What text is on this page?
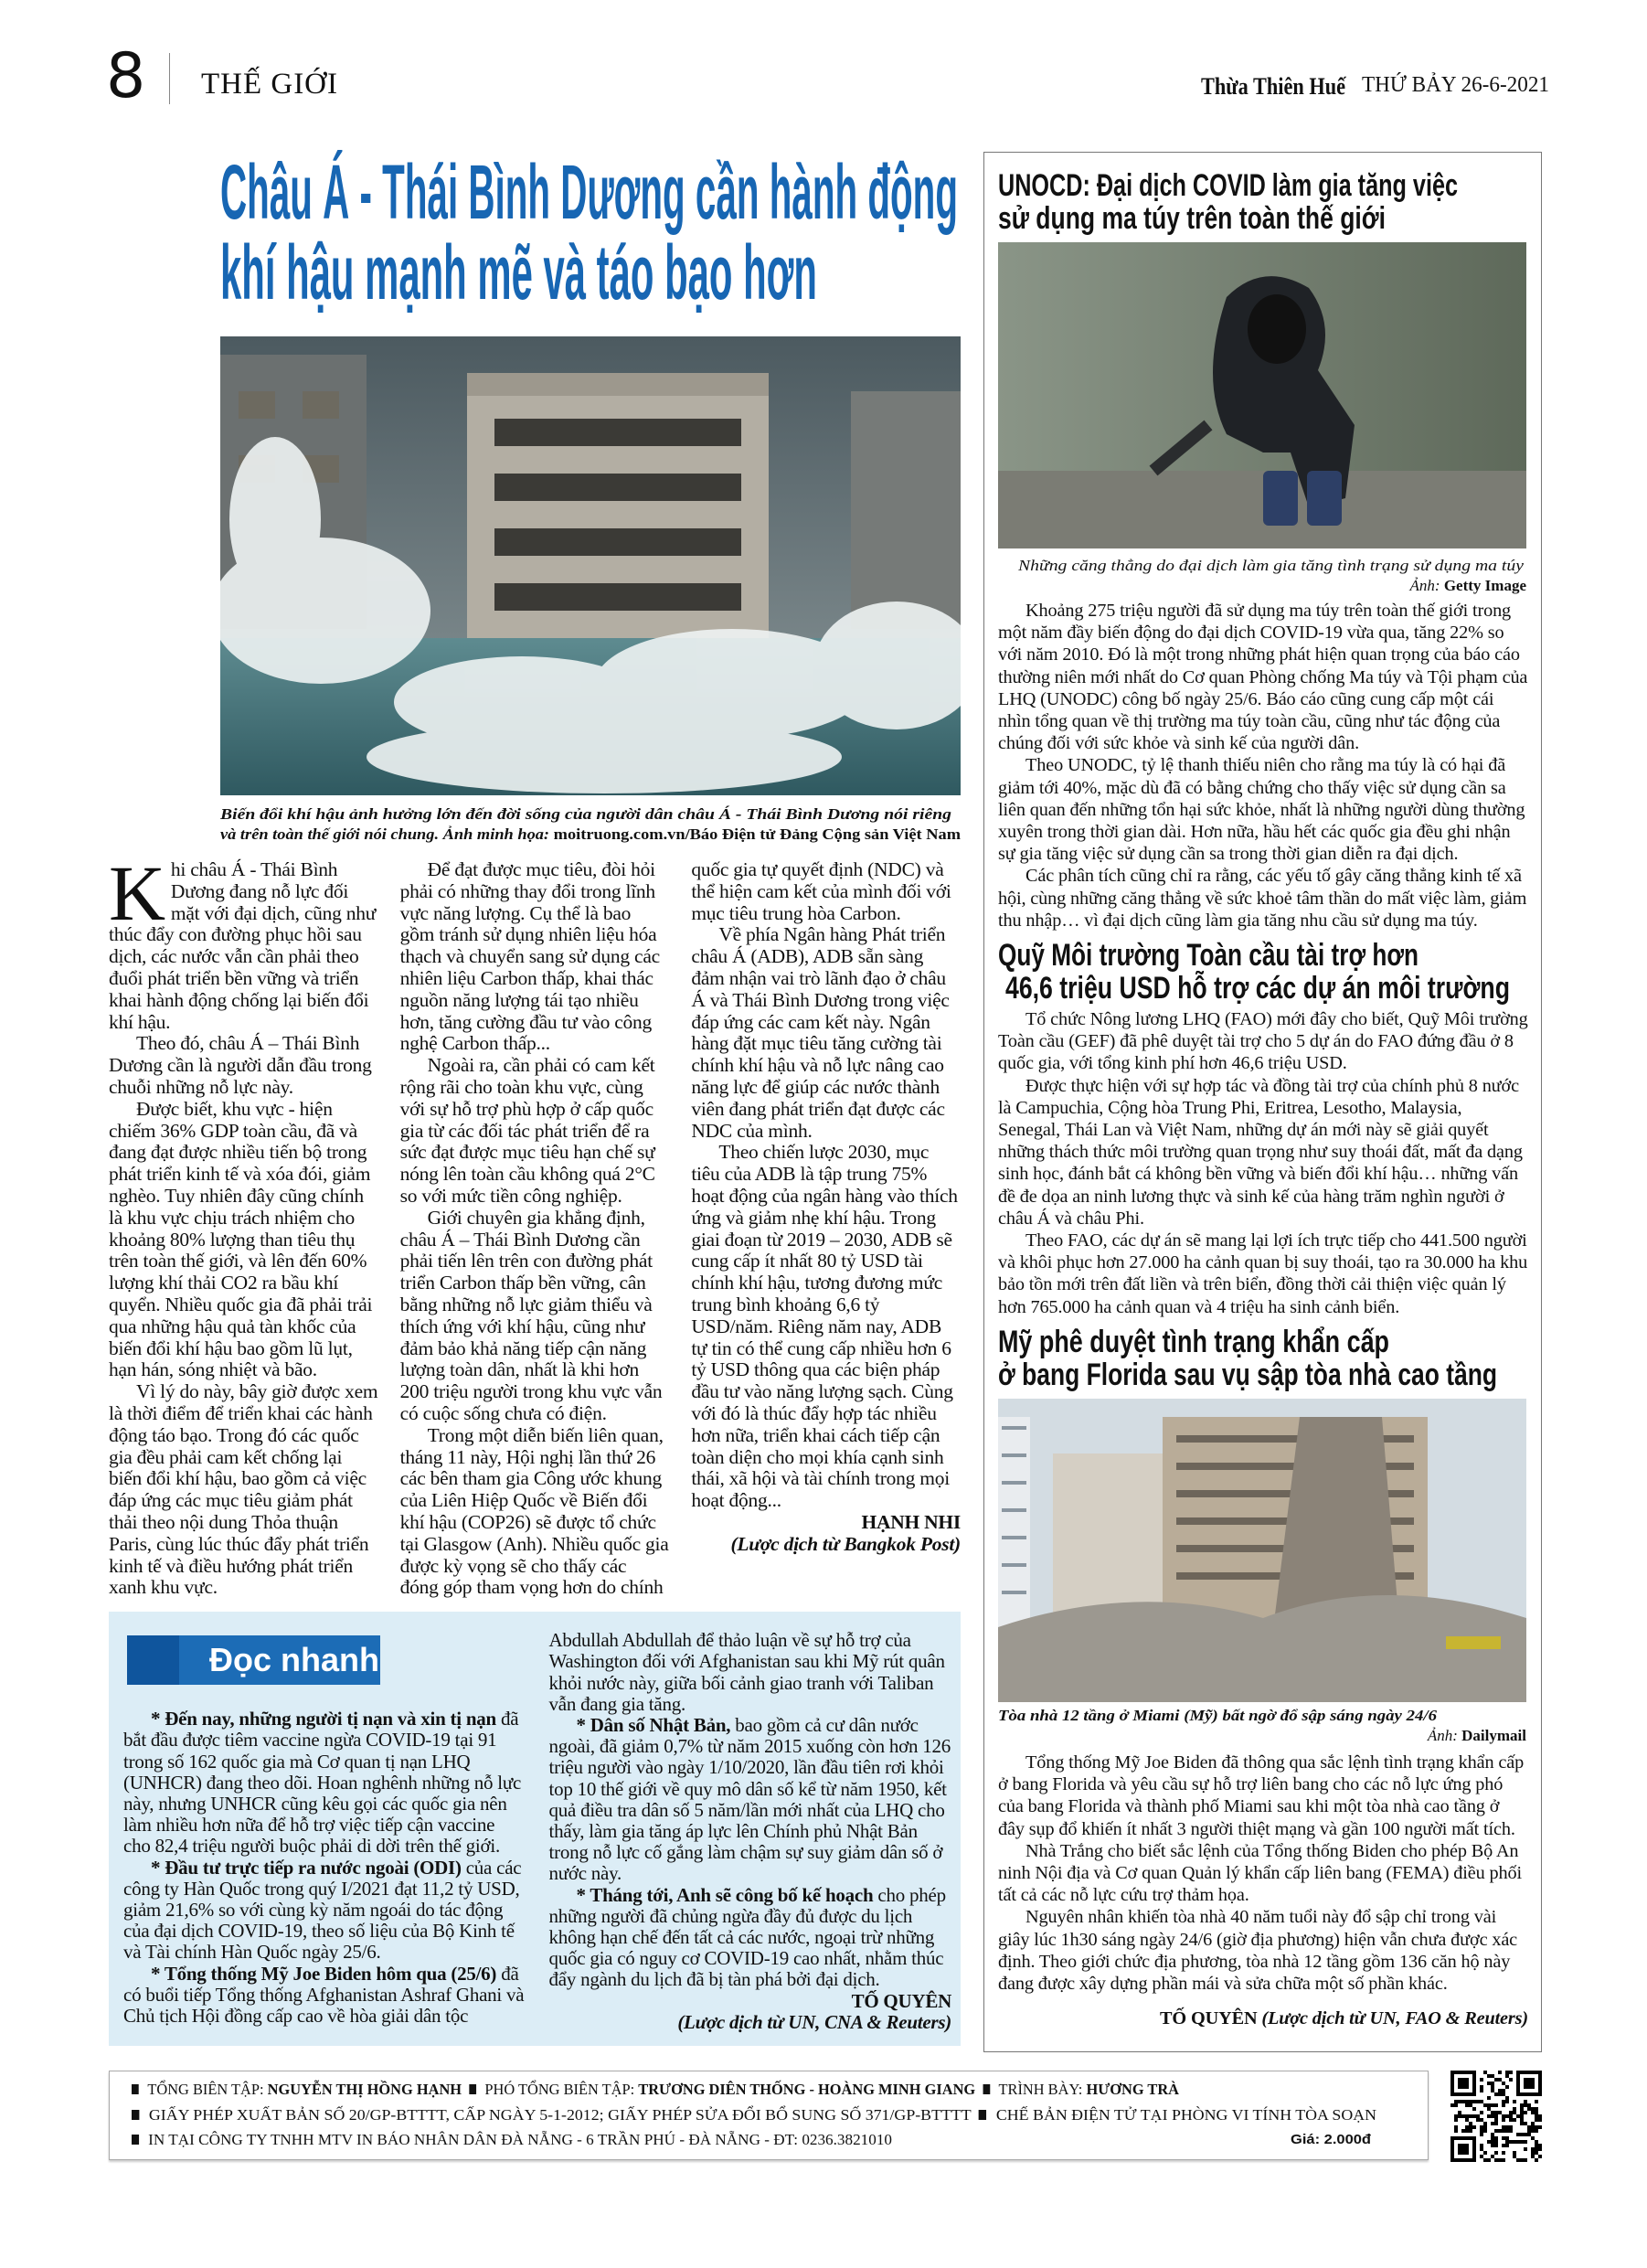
8 THẾ GIỚI	Thừa Thiên Huế THỨ BẢY 26-6-2021
Châu Á - Thái Bình Dương cần hành động
khí hậu mạnh mẽ và táo bạo hơn
Biến đổi khí hậu ảnh hưởng lớn đến đời sống của người dân châu Á - Thái Bình Dương nói riêng
và trên toàn thế giới nói chung. Ảnh minh họa: moitruong.com.vn/Báo Điện tử Đảng Cộng sản Việt Nam

Khi châu Á - Thái Bình Dương đang nỗ lực đối mặt với đại dịch, cũng như thúc đẩy con đường phục hồi sau dịch, các nước vẫn cần phải theo đuổi phát triển bền vững và triển khai hành động chống lại biến đổi khí hậu.

Theo đó, châu Á – Thái Bình Dương cần là người dẫn đầu trong chuỗi những nỗ lực này.

Được biết, khu vực - hiện chiếm 36% GDP toàn cầu, đã và đang đạt được nhiều tiến bộ trong phát triển kinh tế và xóa đói, giảm nghèo. Tuy nhiên đây cũng chính là khu vực chịu trách nhiệm cho khoảng 80% lượng than tiêu thụ trên toàn thế giới, và lên đến 60% lượng khí thải CO2 ra bầu khí quyển. Nhiều quốc gia đã phải trải qua những hậu quả tàn khốc của biến đổi khí hậu bao gồm lũ lụt, hạn hán, sóng nhiệt và bão.

Vì lý do này, bây giờ được xem là thời điểm để triển khai các hành động táo bạo. Trong đó các quốc gia đều phải cam kết chống lại biến đổi khí hậu, bao gồm cả việc đáp ứng các mục tiêu giảm phát thải theo nội dung Thỏa thuận Paris, cùng lúc thúc đẩy phát triển kinh tế và điều hướng phát triển xanh khu vực.

Để đạt được mục tiêu, đòi hỏi phải có những thay đổi trong lĩnh vực năng lượng. Cụ thể là bao gồm tránh sử dụng nhiên liệu hóa thạch và chuyển sang sử dụng các nhiên liệu Carbon thấp, khai thác nguồn năng lượng tái tạo nhiều hơn, tăng cường đầu tư vào công nghệ Carbon thấp...

Ngoài ra, cần phải có cam kết rộng rãi cho toàn khu vực, cùng với sự hỗ trợ phù hợp ở cấp quốc gia từ các đối tác phát triển để ra sức đạt được mục tiêu hạn chế sự nóng lên toàn cầu không quá 2°C so với mức tiền công nghiệp.

Giới chuyên gia khẳng định, châu Á – Thái Bình Dương cần phải tiến lên trên con đường phát triển Carbon thấp bền vững, cân bằng những nỗ lực giảm thiểu và thích ứng với khí hậu, cũng như đảm bảo khả năng tiếp cận năng lượng toàn dân, nhất là khi hơn 200 triệu người trong khu vực vẫn có cuộc sống chưa có điện.

Trong một diễn biến liên quan, tháng 11 này, Hội nghị lần thứ 26 các bên tham gia Công ước khung của Liên Hiệp Quốc về Biến đổi khí hậu (COP26) sẽ được tổ chức tại Glasgow (Anh). Nhiều quốc gia được kỳ vọng sẽ cho thấy các đóng góp tham vọng hơn do chính quốc gia tự quyết định (NDC) và thể hiện cam kết của mình đối với mục tiêu trung hòa Carbon.

Về phía Ngân hàng Phát triển châu Á (ADB), ADB sẵn sàng đảm nhận vai trò lãnh đạo ở châu Á và Thái Bình Dương trong việc đáp ứng các cam kết này. Ngân hàng đặt mục tiêu tăng cường tài chính khí hậu và nỗ lực nâng cao năng lực để giúp các nước thành viên đang phát triển đạt được các NDC của mình.

Theo chiến lược 2030, mục tiêu của ADB là tập trung 75% hoạt động của ngân hàng vào thích ứng và giảm nhẹ khí hậu. Trong giai đoạn từ 2019 – 2030, ADB sẽ cung cấp ít nhất 80 tỷ USD tài chính khí hậu, tương đương mức trung bình khoảng 6,6 tỷ USD/năm. Riêng năm nay, ADB tự tin có thể cung cấp nhiều hơn 6 tỷ USD thông qua các biện pháp đầu tư vào năng lượng sạch. Cùng với đó là thúc đẩy hợp tác nhiều hơn nữa, triển khai cách tiếp cận toàn diện cho mọi khía cạnh sinh thái, xã hội và tài chính trong mọi hoạt động...

HẠNH NHI
(Lược dịch từ Bangkok Post)
Đọc nhanh

* Đến nay, những người tị nạn và xin tị nạn đã bắt đầu được tiêm vaccine ngừa COVID-19 tại 91 trong số 162 quốc gia mà Cơ quan tị nạn LHQ (UNHCR) đang theo dõi. Hoan nghênh những nỗ lực này, nhưng UNHCR cũng kêu gọi các quốc gia nên làm nhiều hơn nữa để hỗ trợ việc tiếp cận vaccine cho 82,4 triệu người buộc phải di dời trên thế giới.

* Đầu tư trực tiếp ra nước ngoài (ODI) của các công ty Hàn Quốc trong quý I/2021 đạt 11,2 tỷ USD, giảm 21,6% so với cùng kỳ năm ngoái do tác động của đại dịch COVID-19, theo số liệu của Bộ Kinh tế và Tài chính Hàn Quốc ngày 25/6.

* Tổng thống Mỹ Joe Biden hôm qua (25/6) đã có buổi tiếp Tổng thống Afghanistan Ashraf Ghani và Chủ tịch Hội đồng cấp cao về hòa giải dân tộc Abdullah Abdullah để thảo luận về sự hỗ trợ của Washington đối với Afghanistan sau khi Mỹ rút quân khỏi nước này, giữa bối cảnh giao tranh với Taliban vẫn đang gia tăng.

* Dân số Nhật Bản, bao gồm cả cư dân nước ngoài, đã giảm 0,7% từ năm 2015 xuống còn hơn 126 triệu người vào ngày 1/10/2020, lần đầu tiên rơi khỏi top 10 thế giới về quy mô dân số kể từ năm 1950, kết quả điều tra dân số 5 năm/lần mới nhất của LHQ cho thấy, làm gia tăng áp lực lên Chính phủ Nhật Bản trong nỗ lực cố gắng làm chậm sự suy giảm dân số ở nước này.

* Tháng tới, Anh sẽ công bố kế hoạch cho phép những người đã chủng ngừa đầy đủ được du lịch không hạn chế đến tất cả các nước, ngoại trừ những quốc gia có nguy cơ COVID-19 cao nhất, nhằm thúc đẩy ngành du lịch đã bị tàn phá bởi đại dịch.

TỐ QUYÊN
(Lược dịch từ UN, CNA & Reuters)
UNOCD: Đại dịch COVID làm gia tăng việc
sử dụng ma túy trên toàn thế giới
Những căng thẳng do đại dịch làm gia tăng tình trạng sử dụng ma túy
Ảnh: Getty Image

Khoảng 275 triệu người đã sử dụng ma túy trên toàn thế giới trong một năm đầy biến động do đại dịch COVID-19 vừa qua, tăng 22% so với năm 2010. Đó là một trong những phát hiện quan trọng của báo cáo thường niên mới nhất do Cơ quan Phòng chống Ma túy và Tội phạm của LHQ (UNODC) công bố ngày 25/6. Báo cáo cũng cung cấp một cái nhìn tổng quan về thị trường ma túy toàn cầu, cũng như tác động của chúng đối với sức khỏe và sinh kế của người dân.

Theo UNODC, tỷ lệ thanh thiếu niên cho rằng ma túy là có hại đã giảm tới 40%, mặc dù đã có bằng chứng cho thấy việc sử dụng cần sa liên quan đến những tổn hại sức khỏe, nhất là những người dùng thường xuyên trong thời gian dài. Hơn nữa, hầu hết các quốc gia đều ghi nhận sự gia tăng việc sử dụng cần sa trong thời gian diễn ra đại dịch.

Các phân tích cũng chỉ ra rằng, các yếu tố gây căng thẳng kinh tế xã hội, cùng những căng thẳng về sức khoẻ tâm thần do mất việc làm, giảm thu nhập… vì đại dịch cũng làm gia tăng nhu cầu sử dụng ma túy.

Quỹ Môi trường Toàn cầu tài trợ hơn
46,6 triệu USD hỗ trợ các dự án môi trường

Tổ chức Nông lương LHQ (FAO) mới đây cho biết, Quỹ Môi trường Toàn cầu (GEF) đã phê duyệt tài trợ cho 5 dự án do FAO đứng đầu ở 8 quốc gia, với tổng kinh phí hơn 46,6 triệu USD.

Được thực hiện với sự hợp tác và đồng tài trợ của chính phủ 8 nước là Campuchia, Cộng hòa Trung Phi, Eritrea, Lesotho, Malaysia, Senegal, Thái Lan và Việt Nam, những dự án mới này sẽ giải quyết những thách thức môi trường quan trọng như suy thoái đất, mất đa dạng sinh học, đánh bắt cá không bền vững và biến đổi khí hậu… những vấn đề đe dọa an ninh lương thực và sinh kế của hàng trăm nghìn người ở châu Á và châu Phi.

Theo FAO, các dự án sẽ mang lại lợi ích trực tiếp cho 441.500 người và khôi phục hơn 27.000 ha cảnh quan bị suy thoái, tạo ra 30.000 ha khu bảo tồn mới trên đất liền và trên biển, đồng thời cải thiện việc quản lý hơn 765.000 ha cảnh quan và 4 triệu ha sinh cảnh biển.

Mỹ phê duyệt tình trạng khẩn cấp
ở bang Florida sau vụ sập tòa nhà cao tầng
Tòa nhà 12 tầng ở Miami (Mỹ) bất ngờ đổ sập sáng ngày 24/6
Ảnh: Dailymail

Tổng thống Mỹ Joe Biden đã thông qua sắc lệnh tình trạng khẩn cấp ở bang Florida và yêu cầu sự hỗ trợ liên bang cho các nỗ lực ứng phó của bang Florida và thành phố Miami sau khi một tòa nhà cao tầng ở đây sụp đổ khiến ít nhất 3 người thiệt mạng và gần 100 người mất tích.

Nhà Trắng cho biết sắc lệnh của Tổng thống Biden cho phép Bộ An ninh Nội địa và Cơ quan Quản lý khẩn cấp liên bang (FEMA) điều phối tất cả các nỗ lực cứu trợ thảm họa.

Nguyên nhân khiến tòa nhà 40 năm tuổi này đổ sập chỉ trong vài giây lúc 1h30 sáng ngày 24/6 (giờ địa phương) hiện vẫn chưa được xác định. Theo giới chức địa phương, tòa nhà 12 tầng gồm 136 căn hộ này đang được xây dựng phần mái và sửa chữa một số phần khác.

TỐ QUYÊN (Lược dịch từ UN, FAO & Reuters)
TỔNG BIÊN TẬP: NGUYỄN THỊ HỒNG HẠNH PHÓ TỔNG BIÊN TẬP: TRƯƠNG DIÊN THỐNG - HOÀNG MINH GIANG TRÌNH BÀY: HƯƠNG TRÀ
GIẤY PHÉP XUẤT BẢN SỐ 20/GP-BTTTT, CẤP NGÀY 5-1-2012; GIẤY PHÉP SỬA ĐỔI BỔ SUNG SỐ 371/GP-BTTTT CHẾ BẢN ĐIỆN TỬ TẠI PHÒNG VI TÍNH TÒA SOẠN
IN TẠI CÔNG TY TNHH MTV IN BÁO NHÂN DÂN ĐÀ NẴNG - 6 TRẦN PHÚ - ĐÀ NẴNG - ĐT: 0236.3821010	Giá: 2.000đ
